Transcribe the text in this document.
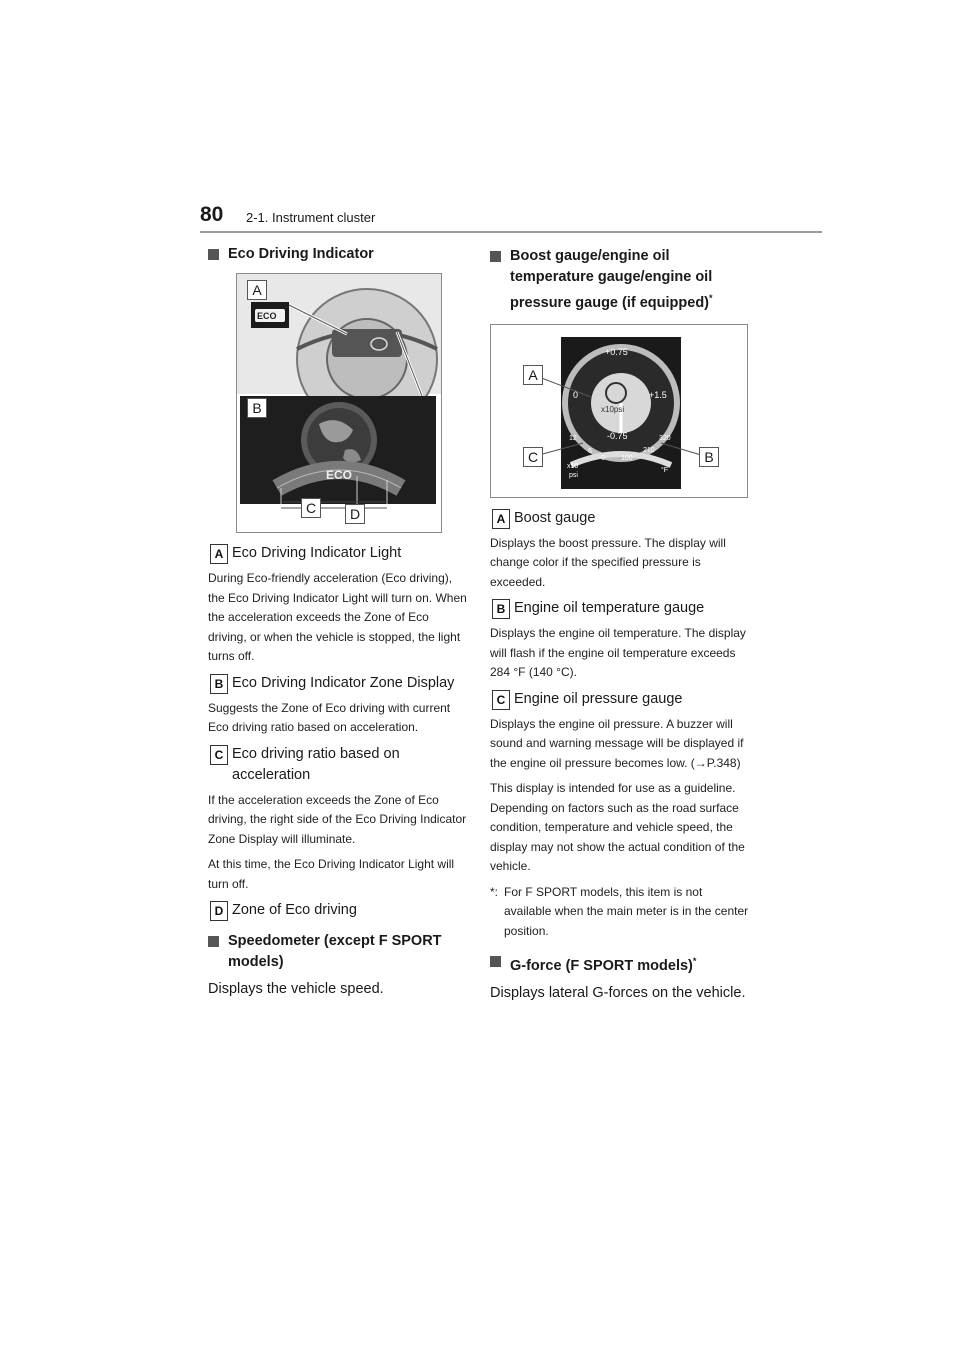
80 2-1. Instrument cluster
Eco Driving Indicator
A
ECO
B
ECO
C	D
A Eco Driving Indicator Light

During Eco-friendly acceleration (Eco driving), the Eco Driving Indicator Light will turn on. When the acceleration exceeds the Zone of Eco driving, or when the vehicle is stopped, the light turns off.

B Eco Driving Indicator Zone Display

Suggests the Zone of Eco driving with current Eco driving ratio based on acceleration.

C Eco driving ratio based on acceleration

If the acceleration exceeds the Zone of Eco driving, the right side of the Eco Driving Indicator Zone Display will illuminate.

At this time, the Eco Driving Indicator Light will turn off.

D Zone of Eco driving
Speedometer (except F SPORT models)

Displays the vehicle speed.

Boost gauge/engine oil temperature gauge/engine oil pressure gauge (if equipped)*
A
C	B
+0.75
0	+1.5
-0.75
x10psi
12
6
0 100
210
320
x10
psi
°F
A Boost gauge

Displays the boost pressure. The display will change color if the specified pressure is exceeded.

B Engine oil temperature gauge

Displays the engine oil temperature. The display will flash if the engine oil temperature exceeds 284 °F (140 °C).

C Engine oil pressure gauge

Displays the engine oil pressure. A buzzer will sound and warning message will be displayed if the engine oil pressure becomes low. (→P.348)

This display is intended for use as a guideline. Depending on factors such as the road surface condition, temperature and vehicle speed, the display may not show the actual condition of the vehicle.

*: For F SPORT models, this item is not available when the main meter is in the center position.
G-force (F SPORT models)*

Displays lateral G-forces on the vehicle.
